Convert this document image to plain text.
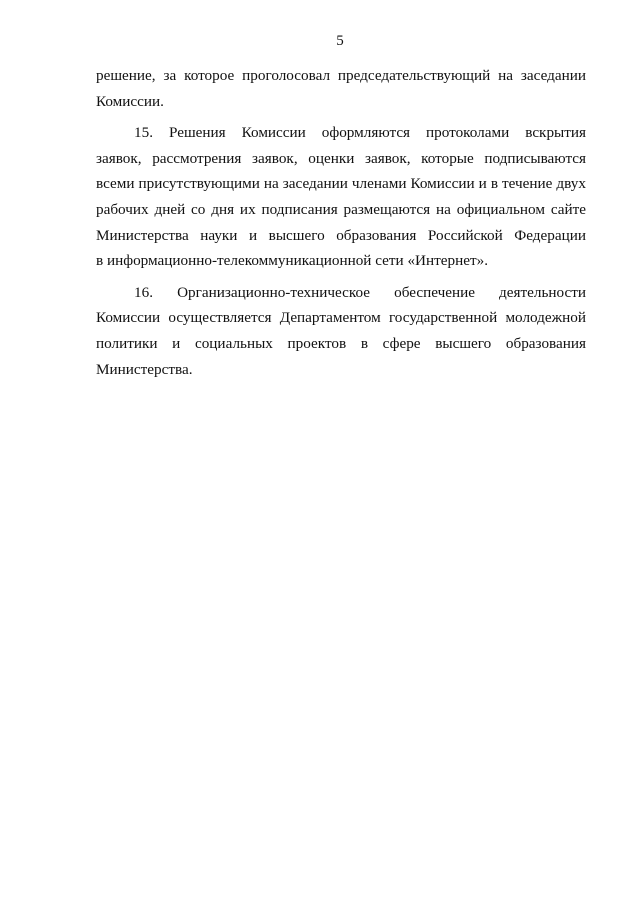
5

решение, за которое проголосовал председательствующий на заседании
Комиссии.

15. Решения Комиссии оформляются протоколами вскрытия
заявок, рассмотрения заявок, оценки заявок, которые подписываются
всеми присутствующими на заседании членами Комиссии и в течение двух
рабочих дней со дня их подписания размещаются на официальном сайте
Министерства науки и высшего образования Российской Федерации
в информационно-телекоммуникационной сети «Интернет».

16. Организационно-техническое обеспечение деятельности
Комиссии осуществляется Департаментом государственной молодежной
политики и социальных проектов в сфере высшего образования
Министерства.
